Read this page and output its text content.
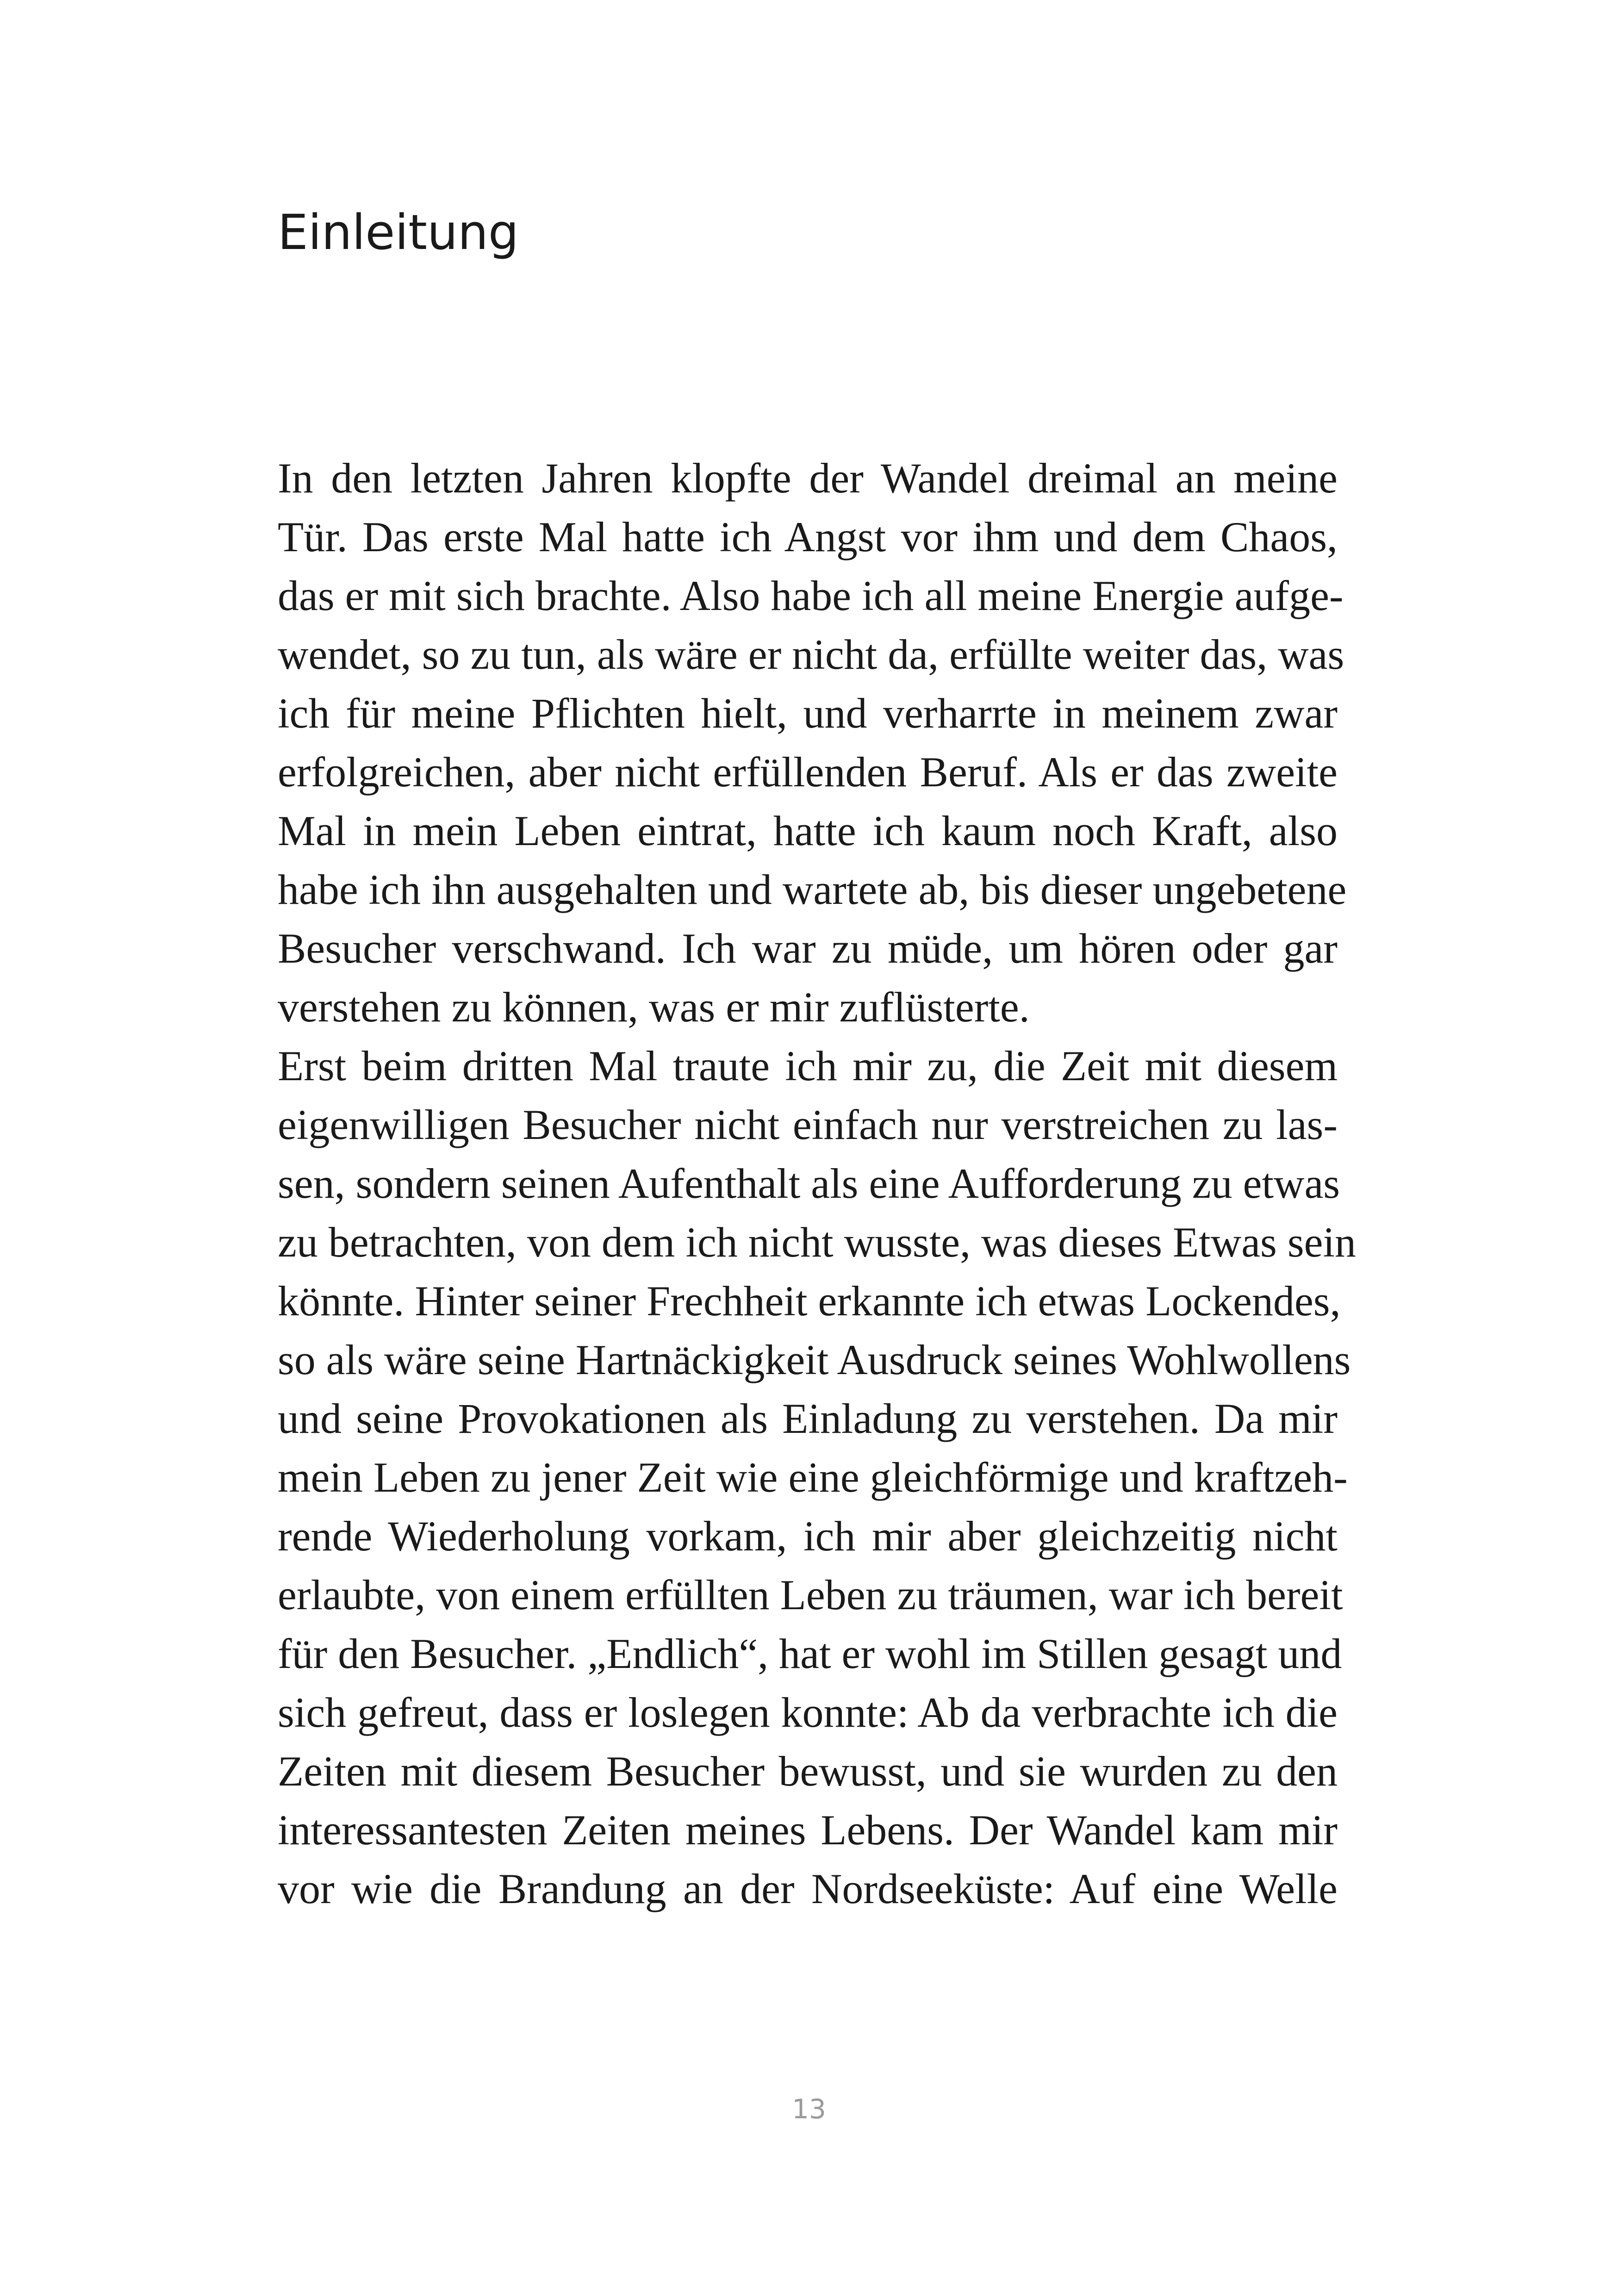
Einleitung
In den letzten Jahren klopfte der Wandel dreimal an meine
Tür. Das erste Mal hatte ich Angst vor ihm und dem Chaos,
das er mit sich brachte. Also habe ich all meine Energie aufge-
wendet, so zu tun, als wäre er nicht da, erfüllte weiter das, was
ich für meine Pflichten hielt, und verharrte in meinem zwar
erfolgreichen, aber nicht erfüllenden Beruf. Als er das zweite
Mal in mein Leben eintrat, hatte ich kaum noch Kraft, also
habe ich ihn ausgehalten und wartete ab, bis dieser ungebetene
Besucher verschwand. Ich war zu müde, um hören oder gar
verstehen zu können, was er mir zuflüsterte.
Erst beim dritten Mal traute ich mir zu, die Zeit mit diesem
eigenwilligen Besucher nicht einfach nur verstreichen zu las-
sen, sondern seinen Aufenthalt als eine Aufforderung zu etwas
zu betrachten, von dem ich nicht wusste, was dieses Etwas sein
könnte. Hinter seiner Frechheit erkannte ich etwas Lockendes,
so als wäre seine Hartnäckigkeit Ausdruck seines Wohlwollens
und seine Provokationen als Einladung zu verstehen. Da mir
mein Leben zu jener Zeit wie eine gleichförmige und kraftzeh-
rende Wiederholung vorkam, ich mir aber gleichzeitig nicht
erlaubte, von einem erfüllten Leben zu träumen, war ich bereit
für den Besucher. „Endlich“, hat er wohl im Stillen gesagt und
sich gefreut, dass er loslegen konnte: Ab da verbrachte ich die
Zeiten mit diesem Besucher bewusst, und sie wurden zu den
interessantesten Zeiten meines Lebens. Der Wandel kam mir
vor wie die Brandung an der Nordseeküste: Auf eine Welle
13
